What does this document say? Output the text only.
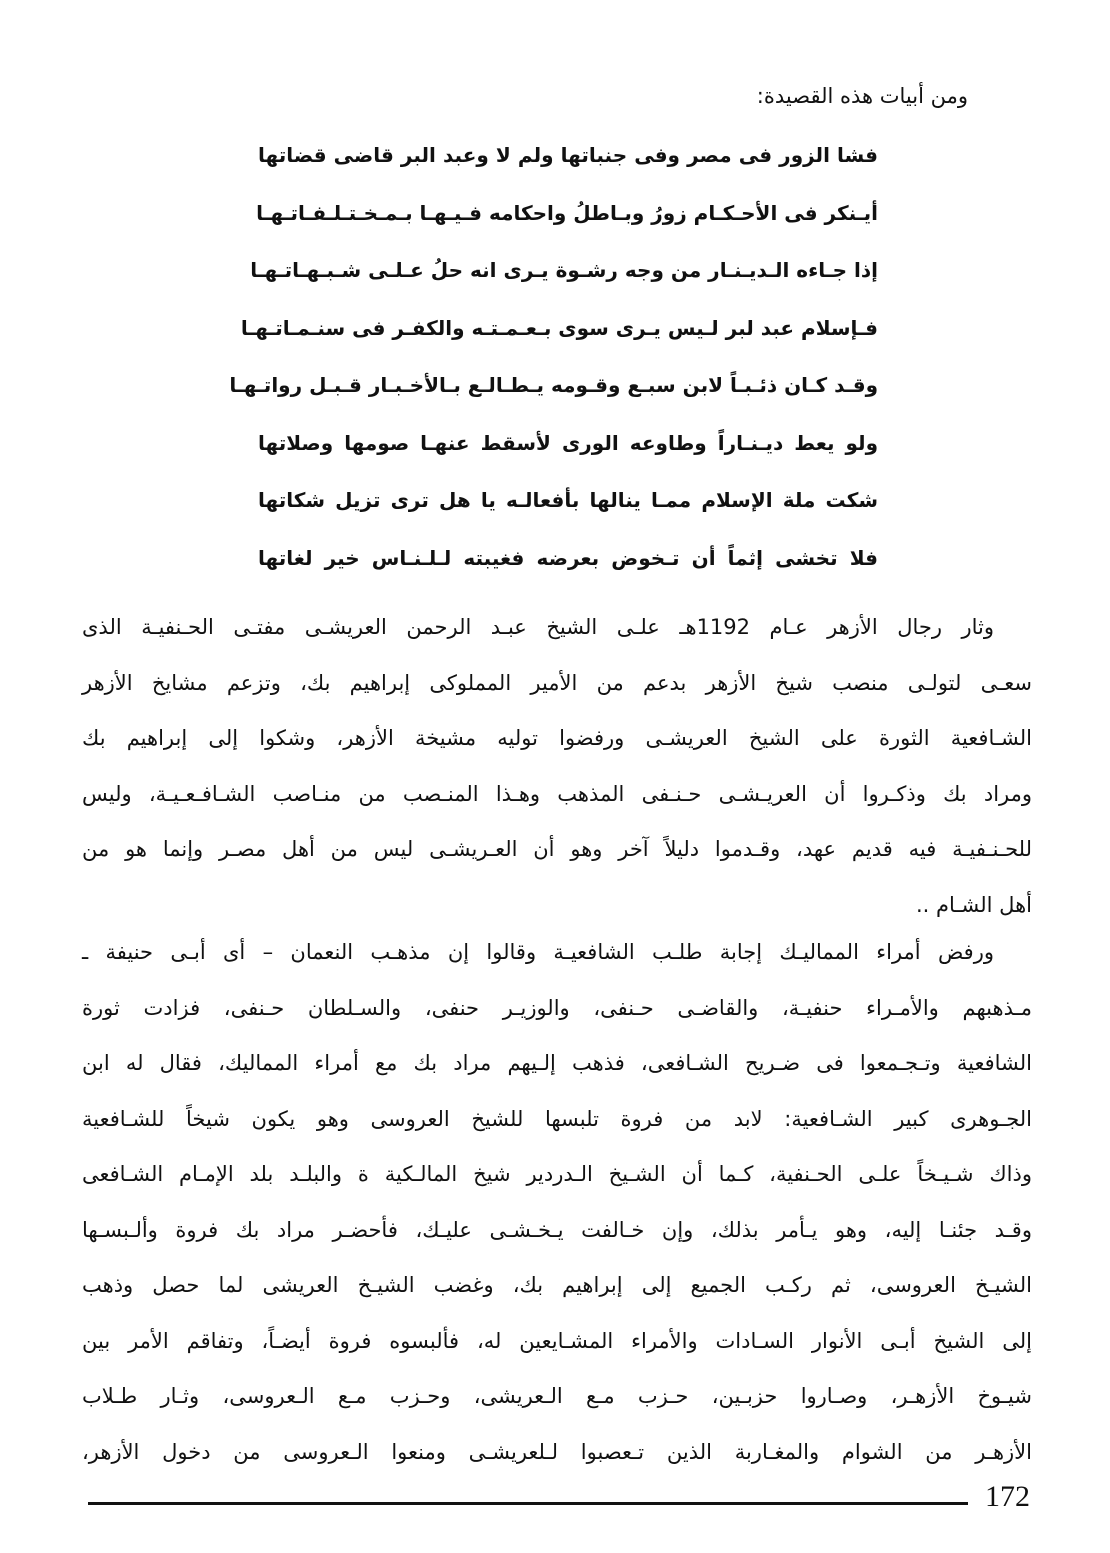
ومن أبيات هذه القصيدة:
فشا الزور فى مصر وفى جنباتها ولم لا وعبد البر قاضى قضاتها
أيـنكر فى الأحـكـام زورُ وبـاطلُ واحكامه فـيـهـا بـمـخـتـلـفـاتـهـا
إذا جـاءه الـديـنـار من وجه رشـوة يـرى انه حلُ عـلـى شـبـهـاتـهـا
فـإسلام عبد لبر لـيس يـرى سوى بـعـمـتـه والكفـر فى سنـمـاتـهـا
وقـد كـان ذئـبـاً لابن سبـع وقـومه يـطـالـع بـالأخـبـار قـبـل رواتـهـا
ولو يعط ديـنـاراً وطاوعه الورى لأسقط عنهـا صومها وصلاتها
شكت ملة الإسلام ممـا ينالها بأفعالـه يا هل ترى تزيل شكاتها
فلا تخشى إثماً أن تـخوض بعرضه فغيبته لـلـنـاس خير لغاتها
وثار رجال الأزهر عـام 1192هـ علـى الشيخ عبـد الرحمن العريشـى مفتـى الحـنفيـة الذى
سعـى لتولـى منصب شيخ الأزهر بدعم من الأمير المملوكى إبراهيم بك، وتزعم مشايخ الأزهر
الشـافعية الثورة على الشيخ العريشـى ورفضوا توليه مشيخة الأزهر، وشكوا إلى إبراهيم بك
ومراد بك وذكـروا أن العريـشـى حـنـفى المذهب وهـذا المنـصب من منـاصب الشـافـعـيـة، وليس
للحـنـفيـة فيه قديم عهد، وقـدموا دليلاً آخر وهو أن العـريشـى ليس من أهل مصـر وإنما هو من
أهل الشـام ..
ورفض أمراء المماليـك إجابة طلـب الشافعيـة وقالوا إن مذهـب النعمان – أى أبـى حنيفة ـ
مـذهبهم والأمـراء حنفيـة، والقاضـى حـنفى، والوزيـر حنفى، والسـلطان حـنفى، فزادت ثورة
الشافعية وتـجـمعوا فى ضـريح الشـافعى، فذهب إلـيهم مراد بك مع أمراء المماليك، فقال له ابن
الجـوهرى كبير الشـافعية: لابد من فروة تلبسها للشيخ العروسى وهو يكون شيخاً للشـافعية
وذاك شـيـخاً علـى الحـنفية، كـما أن الشـيخ الـدردير شيخ المالـكية ة والبلـد بلد الإمـام الشـافعى
وقـد جئنـا إليه، وهو يـأمر بذلك، وإن خـالفت يـخـشـى عليـك، فأحضـر مراد بك فروة وألـبسـها
الشيـخ العروسى، ثم ركـب الجميع إلى إبراهيم بك، وغضب الشيـخ العريشى لما حصل وذهب
إلى الشيخ أبـى الأنوار السـادات والأمراء المشـايعين له، فألبسوه فروة أيضـاً، وتفاقم الأمر بين
شيـوخ الأزهـر، وصـاروا حزبـين، حـزب مـع الـعريشى، وحـزب مـع الـعروسى، وثـار طـلاب
الأزهـر من الشوام والمغـاربة الذين تـعصبوا لـلعريشـى ومنعوا الـعروسى من دخول الأزهر،
172
